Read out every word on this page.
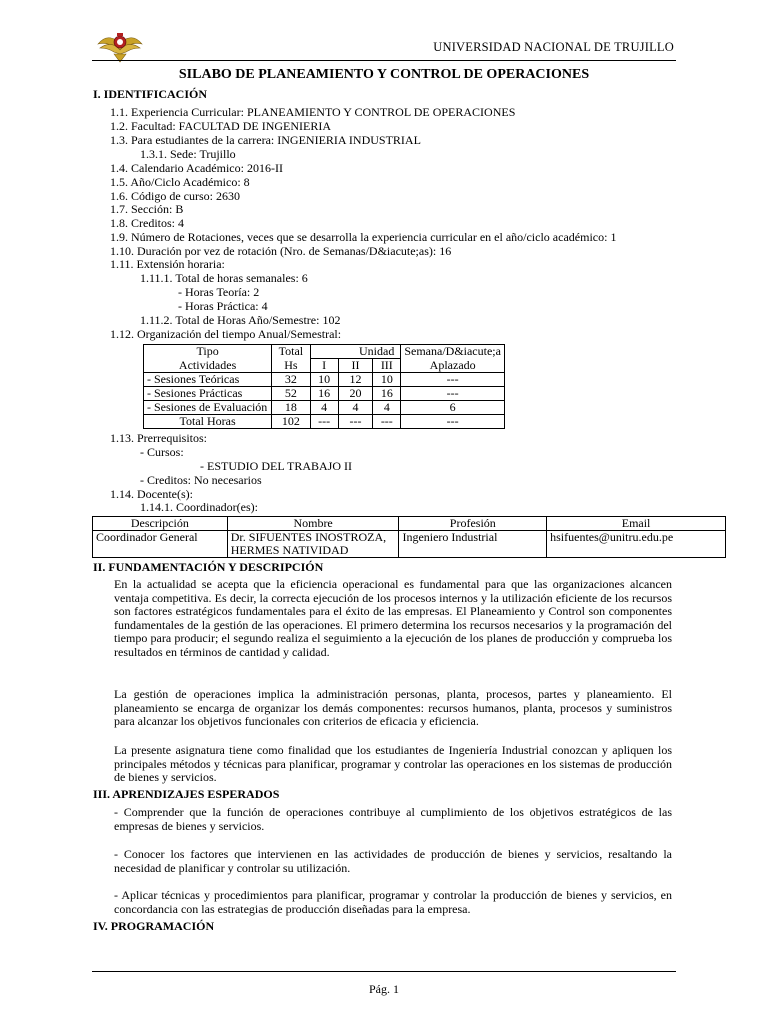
UNIVERSIDAD NACIONAL DE TRUJILLO
SILABO DE PLANEAMIENTO Y CONTROL DE OPERACIONES
I. IDENTIFICACIÓN
1.1. Experiencia Curricular: PLANEAMIENTO Y CONTROL DE OPERACIONES
1.2. Facultad: FACULTAD DE INGENIERIA
1.3. Para estudiantes de la carrera: INGENIERIA INDUSTRIAL
1.3.1. Sede: Trujillo
1.4. Calendario Académico: 2016-II
1.5. Año/Ciclo Académico: 8
1.6. Código de curso: 2630
1.7. Sección: B
1.8. Creditos: 4
1.9. Número de Rotaciones, veces que se desarrolla la experiencia curricular en el año/ciclo académico: 1
1.10. Duración por vez de rotación (Nro. de Semanas/D&iacute;as): 16
1.11. Extensión horaria:
1.11.1. Total de horas semanales: 6
- Horas Teoría: 2
- Horas Práctica: 4
1.11.2. Total de Horas Año/Semestre: 102
1.12. Organización del tiempo Anual/Semestral:
Tipo	Total	Unidad			Semana/D&iacute;a
Actividades	Hs	I	II	III	Aplazado
- Sesiones Teóricas	32	10	12	10	---
- Sesiones Prácticas	52	16	20	16	---
- Sesiones de Evaluación	18	4	4	4	6
Total Horas	102	---	---	---	---
1.13. Prerrequisitos:
- Cursos:
- ESTUDIO DEL TRABAJO II
- Creditos: No necesarios
1.14. Docente(s):
1.14.1. Coordinador(es):
Descripción	Nombre	Profesión	Email
Coordinador General	Dr. SIFUENTES INOSTROZA, HERMES NATIVIDAD	Ingeniero Industrial	hsifuentes@unitru.edu.pe
II. FUNDAMENTACIÓN Y DESCRIPCIÓN
En la actualidad se acepta que la eficiencia operacional es fundamental para que las organizaciones alcancen ventaja competitiva. Es decir, la correcta ejecución de los procesos internos y la utilización eficiente de los recursos son factores estratégicos fundamentales para el éxito de las empresas. El Planeamiento y Control son componentes fundamentales de la gestión de las operaciones. El primero determina los recursos necesarios y la programación del tiempo para producir; el segundo realiza el seguimiento a la ejecución de los planes de producción y comprueba los resultados en términos de cantidad y calidad.
La gestión de operaciones implica la administración personas, planta, procesos, partes y planeamiento. El planeamiento se encarga de organizar los demás componentes: recursos humanos, planta, procesos y suministros para alcanzar los objetivos funcionales con criterios de eficacia y eficiencia.
La presente asignatura tiene como finalidad que los estudiantes de Ingeniería Industrial conozcan y apliquen los principales métodos y técnicas para planificar, programar y controlar las operaciones en los sistemas de producción de bienes y servicios.
III. APRENDIZAJES ESPERADOS
- Comprender que la función de operaciones contribuye al cumplimiento de los objetivos estratégicos de las empresas de bienes y servicios.
- Conocer los factores que intervienen en las actividades de producción de bienes y servicios, resaltando la necesidad de planificar y controlar su utilización.
- Aplicar técnicas y procedimientos para planificar, programar y controlar la producción de bienes y servicios, en concordancia con las estrategias de producción diseñadas para la empresa.
IV. PROGRAMACIÓN
Pág. 1
